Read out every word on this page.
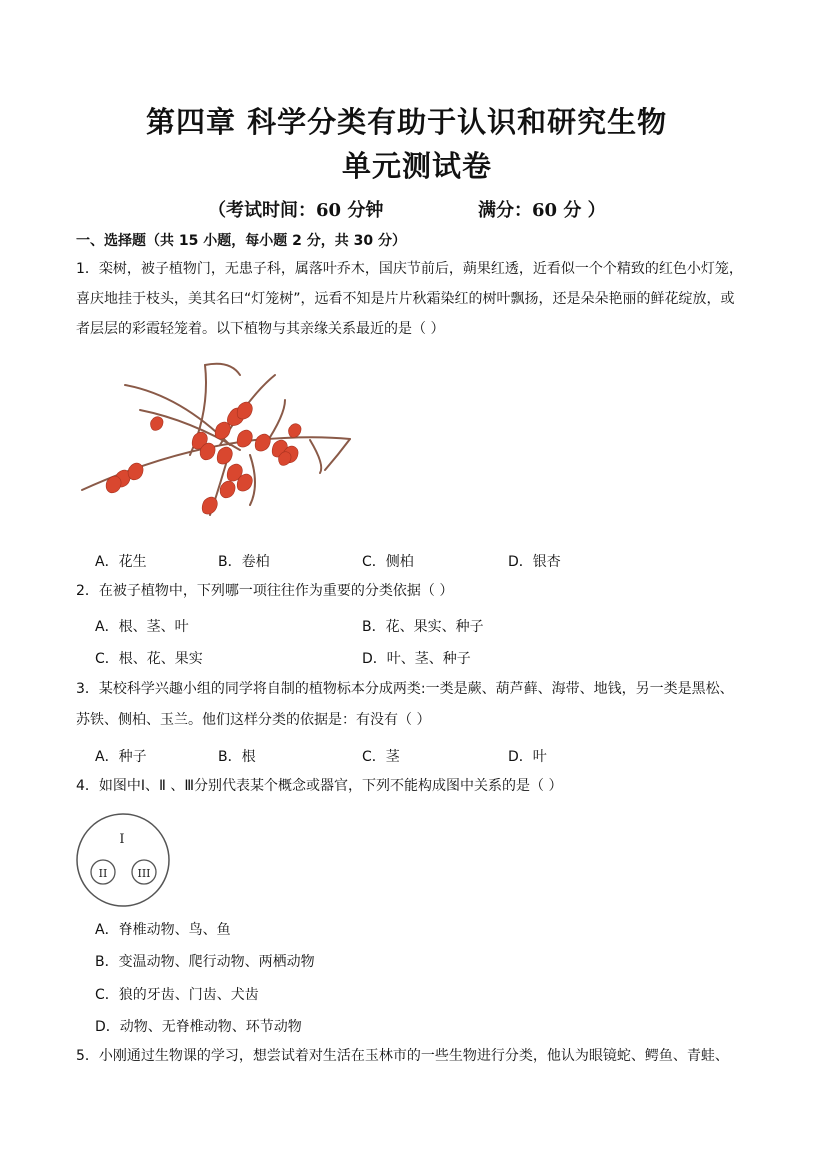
第四章 科学分类有助于认识和研究生物
单元测试卷
（考试时间：60 分钟	满分：60 分 ）
一、选择题（共 15 小题，每小题 2 分，共 30 分）
1．栾树，被子植物门，无患子科，属落叶乔木，国庆节前后，蒴果红透，近看似一个个精致的红色小灯笼，
喜庆地挂于枝头，美其名曰“灯笼树”，远看不知是片片秋霜染红的树叶飘扬，还是朵朵艳丽的鲜花绽放，或
者层层的彩霞轻笼着。以下植物与其亲缘关系最近的是（ ）
A．花生	B．卷柏	C．侧柏	D．银杏
2．在被子植物中，下列哪一项往往作为重要的分类依据（ ）
A．根、茎、叶	B．花、果实、种子
C．根、花、果实	D．叶、茎、种子
3．某校科学兴趣小组的同学将自制的植物标本分成两类:一类是蕨、葫芦藓、海带、地钱，另一类是黑松、
苏铁、侧柏、玉兰。他们这样分类的依据是：有没有（ ）
A．种子	B．根	C．茎	D．叶
4．如图中Ⅰ、Ⅱ 、Ⅲ分别代表某个概念或器官，下列不能构成图中关系的是（ ）
I
II	III
A．脊椎动物、鸟、鱼
B．变温动物、爬行动物、两栖动物
C．狼的牙齿、门齿、犬齿
D．动物、无脊椎动物、环节动物
5．小刚通过生物课的学习，想尝试着对生活在玉林市的一些生物进行分类，他认为眼镜蛇、鳄鱼、青蛙、
